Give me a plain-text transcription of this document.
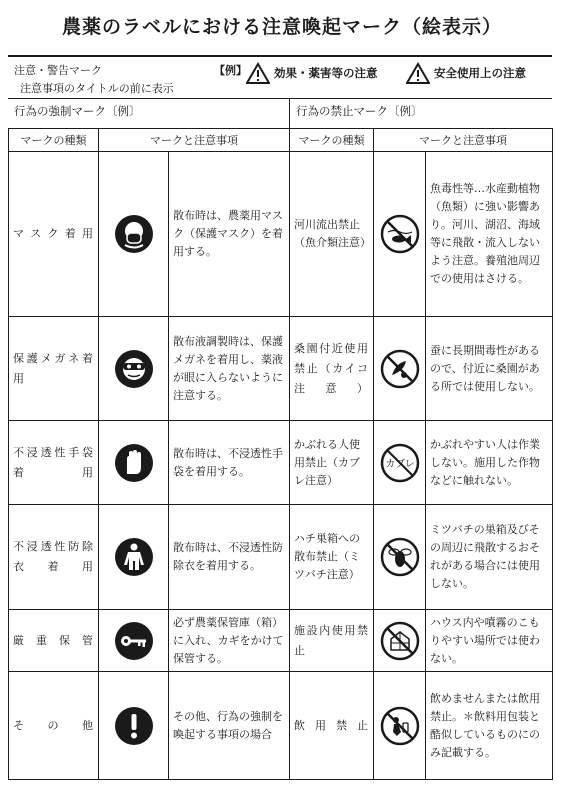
農薬のラベルにおける注意喚起マーク（絵表示）
注意・警告マーク
注意事項のタイトルの前に表示
【例】 効果・薬害等の注意	安全使用上の注意
行為の強制マーク〔例〕	行為の禁止マーク〔例〕
マークの種類	マークと注意事項		マークの種類	マークと注意事項	
マスク着用		散布時は、農薬用マスク（保護マスク）を着用する。	河川流出禁止（魚介類注意）		魚毒性等…水産動植物（魚類）に強い影響あり。河川、湖沼、海域等に飛散・流入しないよう注意。養殖池周辺での使用はさける。
保護メガネ着用		散布液調製時は、保護メガネを着用し、薬液が眼に入らないように注意する。	桑園付近使用禁止（カイコ注意）		蚕に長期間毒性があるので、付近に桑園がある所では使用しない。
不浸透性手袋着用		散布時は、不浸透性手袋を着用する。	かぶれる人使用禁止（カブレ注意）	カブレ	かぶれやすい人は作業しない。施用した作物などに触れない。
不浸透性防除衣着用		散布時は、不浸透性防除衣を着用する。	ハチ巣箱への散布禁止（ミツバチ注意）		ミツバチの巣箱及びその周辺に飛散するおそれがある場合には使用しない。
厳重保管		必ず農薬保管庫（箱）に入れ、カギをかけて保管する。	施設内使用禁止		ハウス内や噴霧のこもりやすい場所では使わない。
その他		その他、行為の強制を喚起する事項の場合	飲用禁止		飲めませんまたは飲用禁止。＊飲料用包装と酷似しているものにのみ記載する。
